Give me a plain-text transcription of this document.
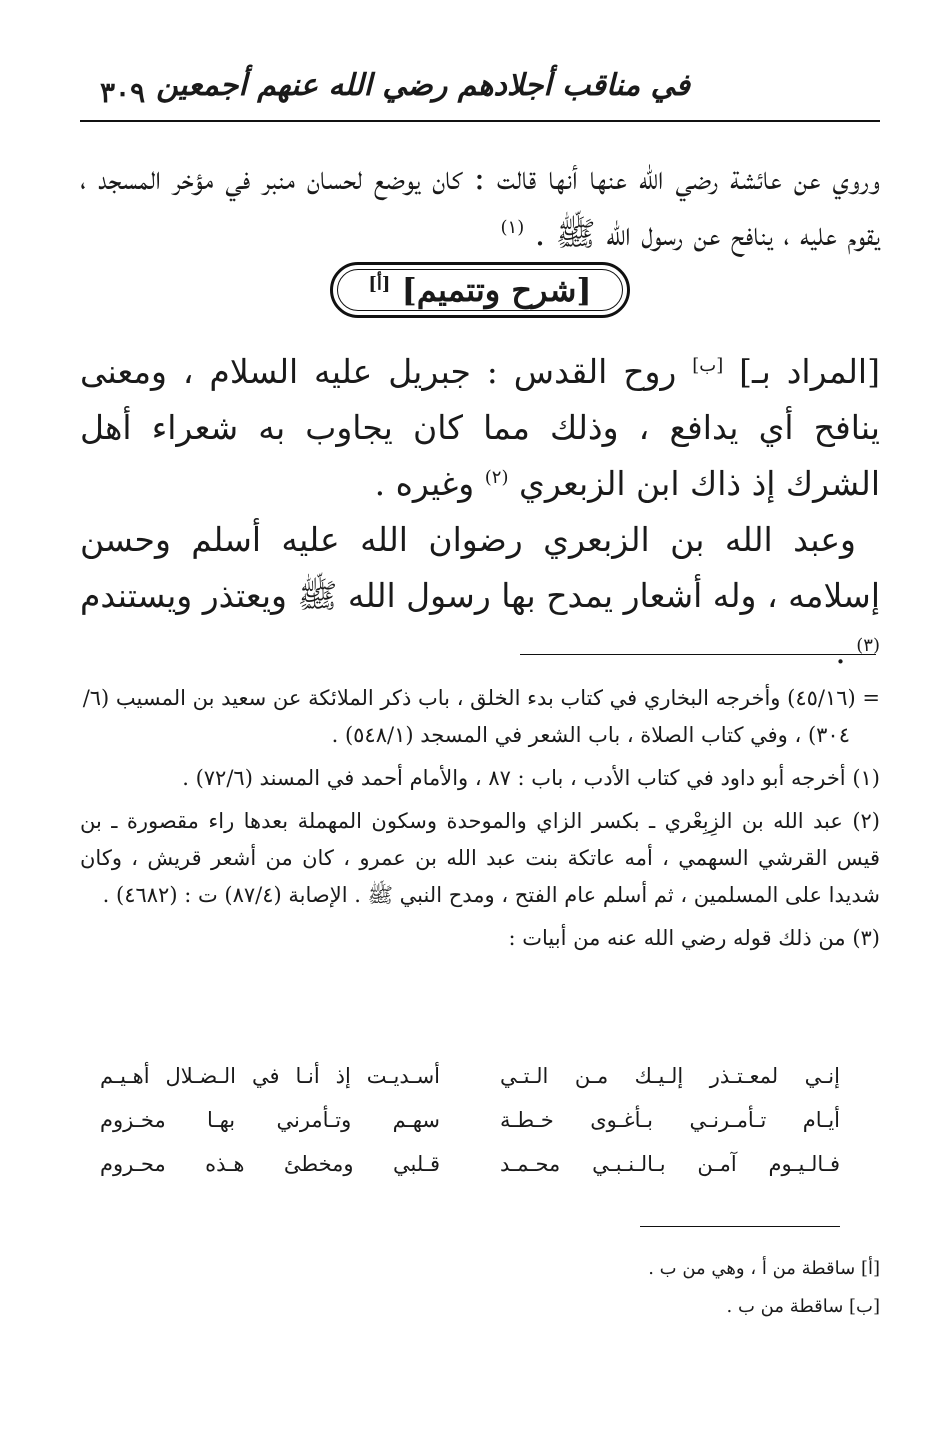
في مناقب أجلادهم رضي الله عنهم أجمعين
٣٠٩
وروي عن عائشة رضي الله عنها أنها قالت : كان يوضع لحسان منبر في مؤخر المسجد ، يقوم عليه ، ينافح عن رسول الله ﷺ . $^{(١)}$
[شرح وتتميم] [أ]
[المراد بـ] [ب] روح القدس : جبريل عليه السلام ، ومعنى ينافح أي يدافع ، وذلك مما كان يجاوب به شعراء أهل الشرك إذ ذاك ابن الزبعري $^{(٢)}$ وغيره .
وعبد الله بن الزبعري رضوان الله عليه أسلم وحسن إسلامه ، وله أشعار يمدح بها رسول الله ﷺ ويعتذر ويستندم $^{(٣)}$ .

= (٤٥/١٦) وأخرجه البخاري في كتاب بدء الخلق ، باب ذكر الملائكة عن سعيد بن المسيب (٦/
٣٠٤) ، وفي كتاب الصلاة ، باب الشعر في المسجد (٥٤٨/١) .

(١) أخرجه أبو داود في كتاب الأدب ، باب : ٨٧ ، والأمام أحمد في المسند (٧٢/٦) .

(٢) عبد الله بن الزِبِعْري ـ بكسر الزاي والموحدة وسكون المهملة بعدها راء مقصورة ـ بن قيس القرشي السهمي ، أمه عاتكة بنت عبد الله بن عمرو ، كان من أشعر قريش ، وكان شديدا على المسلمين ، ثم أسلم عام الفتح ، ومدح النبي ﷺ . الإصابة (٨٧/٤) ت : (٤٦٨٢) .

(٣) من ذلك قوله رضي الله عنه من أبيات :

إنـي لمعـتـذر إلـيـك مـن الـتـي
أسـديـت إذ أنـا في الـضـلال أهـيـم
أيـام تـأمـرنـي بـأغـوى خـطـة
سهـم وتـأمرني بهـا مخـزوم
فـالـيـوم آمـن بـالـنـبـي محـمـد
قـلبي ومخطئ هـذه محـروم
[أ] ساقطة من أ ، وهي من ب .
[ب] ساقطة من ب .
